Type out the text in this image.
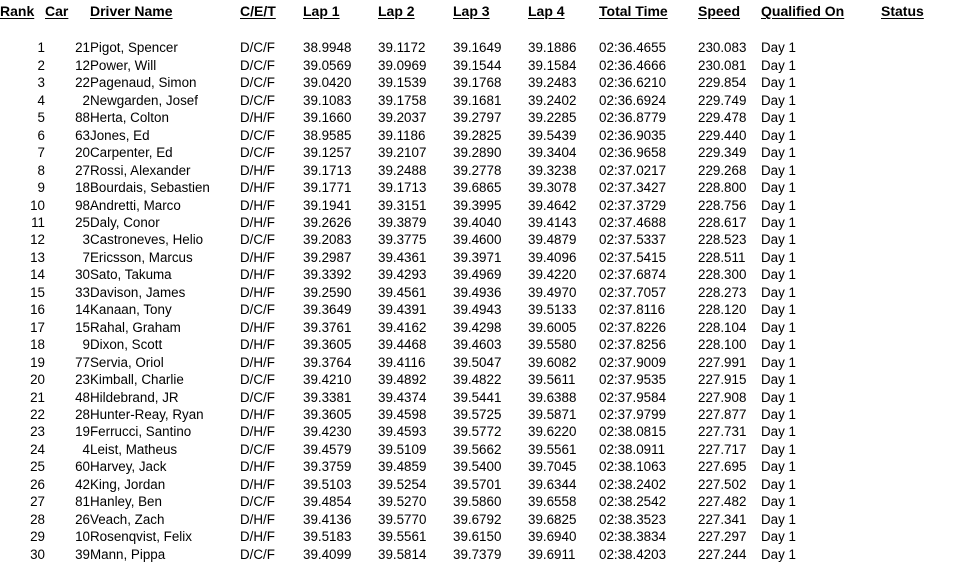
Rank	Car	Driver Name	C/E/T	Lap 1	Lap 2	Lap 3	Lap 4	Total Time	Speed	Qualified On	Status

1	21	Pigot, Spencer	D/C/F	38.9948	39.1172	39.1649	39.1886	02:36.4655	230.083	Day 1	
2	12	Power, Will	D/C/F	39.0569	39.0969	39.1544	39.1584	02:36.4666	230.081	Day 1	
3	22	Pagenaud, Simon	D/C/F	39.0420	39.1539	39.1768	39.2483	02:36.6210	229.854	Day 1	
4	2	Newgarden, Josef	D/C/F	39.1083	39.1758	39.1681	39.2402	02:36.6924	229.749	Day 1	
5	88	Herta, Colton	D/H/F	39.1660	39.2037	39.2797	39.2285	02:36.8779	229.478	Day 1	
6	63	Jones, Ed	D/C/F	38.9585	39.1186	39.2825	39.5439	02:36.9035	229.440	Day 1	
7	20	Carpenter, Ed	D/C/F	39.1257	39.2107	39.2890	39.3404	02:36.9658	229.349	Day 1	
8	27	Rossi, Alexander	D/H/F	39.1713	39.2488	39.2778	39.3238	02:37.0217	229.268	Day 1	
9	18	Bourdais, Sebastien	D/H/F	39.1771	39.1713	39.6865	39.3078	02:37.3427	228.800	Day 1	
10	98	Andretti, Marco	D/H/F	39.1941	39.3151	39.3995	39.4642	02:37.3729	228.756	Day 1	
11	25	Daly, Conor	D/H/F	39.2626	39.3879	39.4040	39.4143	02:37.4688	228.617	Day 1	
12	3	Castroneves, Helio	D/C/F	39.2083	39.3775	39.4600	39.4879	02:37.5337	228.523	Day 1	
13	7	Ericsson, Marcus	D/H/F	39.2987	39.4361	39.3971	39.4096	02:37.5415	228.511	Day 1	
14	30	Sato, Takuma	D/H/F	39.3392	39.4293	39.4969	39.4220	02:37.6874	228.300	Day 1	
15	33	Davison, James	D/H/F	39.2590	39.4561	39.4936	39.4970	02:37.7057	228.273	Day 1	
16	14	Kanaan, Tony	D/C/F	39.3649	39.4391	39.4943	39.5133	02:37.8116	228.120	Day 1	
17	15	Rahal, Graham	D/H/F	39.3761	39.4162	39.4298	39.6005	02:37.8226	228.104	Day 1	
18	9	Dixon, Scott	D/H/F	39.3605	39.4468	39.4603	39.5580	02:37.8256	228.100	Day 1	
19	77	Servia, Oriol	D/H/F	39.3764	39.4116	39.5047	39.6082	02:37.9009	227.991	Day 1	
20	23	Kimball, Charlie	D/C/F	39.4210	39.4892	39.4822	39.5611	02:37.9535	227.915	Day 1	
21	48	Hildebrand, JR	D/C/F	39.3381	39.4374	39.5441	39.6388	02:37.9584	227.908	Day 1	
22	28	Hunter-Reay, Ryan	D/H/F	39.3605	39.4598	39.5725	39.5871	02:37.9799	227.877	Day 1	
23	19	Ferrucci, Santino	D/H/F	39.4230	39.4593	39.5772	39.6220	02:38.0815	227.731	Day 1	
24	4	Leist, Matheus	D/C/F	39.4579	39.5109	39.5662	39.5561	02:38.0911	227.717	Day 1	
25	60	Harvey, Jack	D/H/F	39.3759	39.4859	39.5400	39.7045	02:38.1063	227.695	Day 1	
26	42	King, Jordan	D/H/F	39.5103	39.5254	39.5701	39.6344	02:38.2402	227.502	Day 1	
27	81	Hanley, Ben	D/C/F	39.4854	39.5270	39.5860	39.6558	02:38.2542	227.482	Day 1	
28	26	Veach, Zach	D/H/F	39.4136	39.5770	39.6792	39.6825	02:38.3523	227.341	Day 1	
29	10	Rosenqvist, Felix	D/H/F	39.5183	39.5561	39.6150	39.6940	02:38.3834	227.297	Day 1	
30	39	Mann, Pippa	D/C/F	39.4099	39.5814	39.7379	39.6911	02:38.4203	227.244	Day 1	
